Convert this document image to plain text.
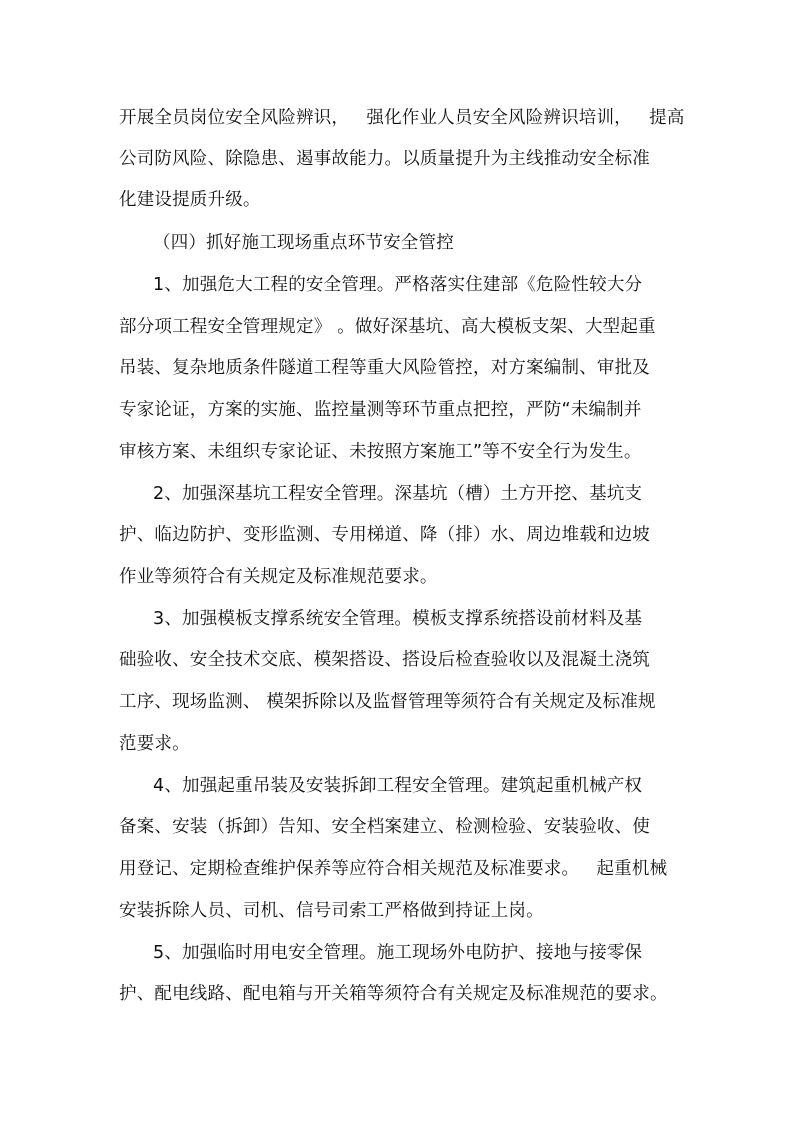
开展全员岗位安全风险辨识，   强化作业人员安全风险辨识培训，   提高
公司防风险、除隐患、遏事故能力。以质量提升为主线推动安全标准
化建设提质升级。
（四）抓好施工现场重点环节安全管控
1、加强危大工程的安全管理。严格落实住建部《危险性较大分
部分项工程安全管理规定》 。做好深基坑、高大模板支架、大型起重
吊装、复杂地质条件隧道工程等重大风险管控，对方案编制、审批及
专家论证，方案的实施、监控量测等环节重点把控，严防“未编制并
审核方案、未组织专家论证、未按照方案施工”等不安全行为发生。
2、加强深基坑工程安全管理。深基坑（槽）土方开挖、基坑支
护、临边防护、变形监测、专用梯道、降（排）水、周边堆载和边坡
作业等须符合有关规定及标准规范要求。
3、加强模板支撑系统安全管理。模板支撑系统搭设前材料及基
础验收、安全技术交底、模架搭设、搭设后检查验收以及混凝土浇筑
工序、现场监测、 模架拆除以及监督管理等须符合有关规定及标准规
范要求。
4、加强起重吊装及安装拆卸工程安全管理。建筑起重机械产权
备案、安装（拆卸）告知、安全档案建立、检测检验、安装验收、使
用登记、定期检查维护保养等应符合相关规范及标准要求。   起重机械
安装拆除人员、司机、信号司索工严格做到持证上岗。
5、加强临时用电安全管理。施工现场外电防护、接地与接零保
护、配电线路、配电箱与开关箱等须符合有关规定及标准规范的要求。
